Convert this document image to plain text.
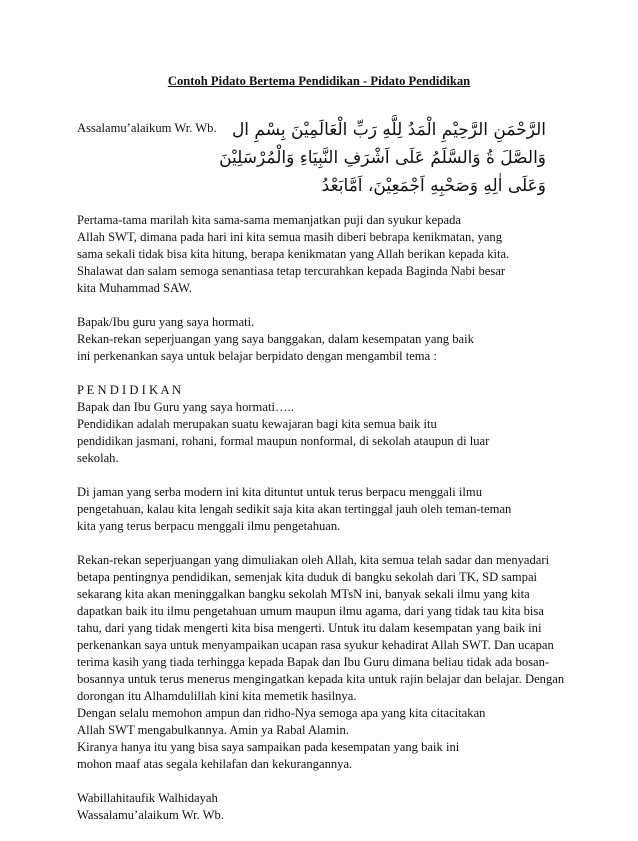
Contoh Pidato Bertema Pendidikan - Pidato Pendidikan
Assalamu’alaikum Wr. Wb. الرَّحْمَنِ الرَّحِيْمِ الْمَدُ لِلَّهِ رَبِّ الْعَالَمِيْنَ بِسْمِ ال
وَالصَّلَ ةُ وَالسَّلَمُ عَلَى اَشْرَفِ النَّبِيَاءِ وَالْمُرْسَلِيْنَ
وَعَلَى اٰلِهِ وَصَحْبِهِ اَجْمَعِيْنَ، اَمَّابَعْدُ

Pertama-tama marilah kita sama-sama memanjatkan puji dan syukur kepada
Allah SWT, dimana pada hari ini kita semua masih diberi bebrapa kenikmatan, yang
sama sekali tidak bisa kita hitung, berapa kenikmatan yang Allah berikan kepada kita.
Shalawat dan salam semoga senantiasa tetap tercurahkan kepada Baginda Nabi besar
kita Muhammad SAW.

Bapak/Ibu guru yang saya hormati.
Rekan-rekan seperjuangan yang saya banggakan, dalam kesempatan yang baik
ini perkenankan saya untuk belajar berpidato dengan mengambil tema :

P E N D I D I K A N
Bapak dan Ibu Guru yang saya hormati…..
Pendidikan adalah merupakan suatu kewajaran bagi kita semua baik itu
pendidikan jasmani, rohani, formal maupun nonformal, di sekolah ataupun di luar
sekolah.

Di jaman yang serba modern ini kita dituntut untuk terus berpacu menggali ilmu
pengetahuan, kalau kita lengah sedikit saja kita akan tertinggal jauh oleh teman-teman
kita yang terus berpacu menggali ilmu pengetahuan.

Rekan-rekan seperjuangan yang dimuliakan oleh Allah, kita semua telah sadar dan menyadari
betapa pentingnya pendidikan, semenjak kita duduk di bangku sekolah dari TK, SD sampai
sekarang kita akan meninggalkan bangku sekolah MTsN ini, banyak sekali ilmu yang kita
dapatkan baik itu ilmu pengetahuan umum maupun ilmu agama, dari yang tidak tau kita bisa
tahu, dari yang tidak mengerti kita bisa mengerti. Untuk itu dalam kesempatan yang baik ini
perkenankan saya untuk menyampaikan ucapan rasa syukur kehadirat Allah SWT. Dan ucapan
terima kasih yang tiada terhingga kepada Bapak dan Ibu Guru dimana beliau tidak ada bosan-
bosannya untuk terus menerus mengingatkan kepada kita untuk rajin belajar dan belajar. Dengan
dorongan itu Alhamdulillah kini kita memetik hasilnya.
Dengan selalu memohon ampun dan ridho-Nya semoga apa yang kita citacitakan
Allah SWT mengabulkannya. Amin ya Rabal Alamin.
Kiranya hanya itu yang bisa saya sampaikan pada kesempatan yang baik ini
mohon maaf atas segala kehilafan dan kekurangannya.

Wabillahitaufik Walhidayah
Wassalamu’alaikum Wr. Wb.
